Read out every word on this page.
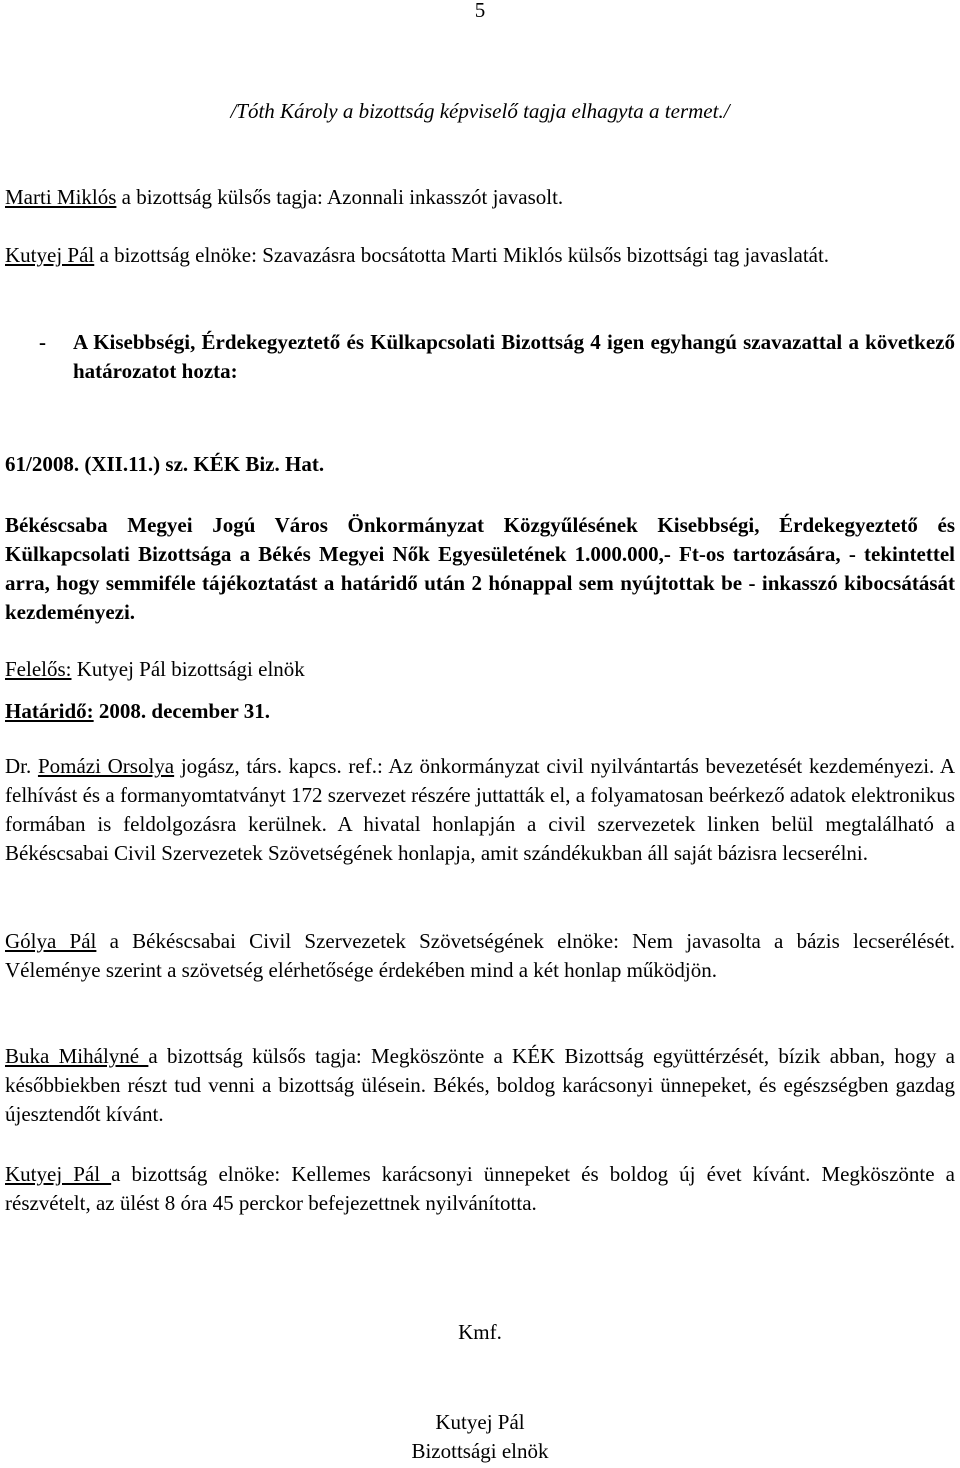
5
/Tóth Károly a bizottság képviselő tagja elhagyta a termet./

Marti Miklós a bizottság külsős tagja: Azonnali inkasszót javasolt.

Kutyej Pál a bizottság elnöke: Szavazásra bocsátotta Marti Miklós külsős bizottsági tag javaslatát.

-	A Kisebbségi, Érdekegyeztető és Külkapcsolati Bizottság 4 igen egyhangú szavazattal a következő határozatot hozta:
61/2008. (XII.11.) sz. KÉK Biz. Hat.

Békéscsaba Megyei Jogú Város Önkormányzat Közgyűlésének Kisebbségi, Érdekegyeztető és Külkapcsolati Bizottsága a Békés Megyei Nők Egyesületének 1.000.000,- Ft-os tartozására, - tekintettel arra, hogy semmiféle tájékoztatást a határidő után 2 hónappal sem nyújtottak be - inkasszó kibocsátását kezdeményezi.

Felelős: Kutyej Pál bizottsági elnök
Határidő: 2008. december 31.

Dr. Pomázi Orsolya jogász, társ. kapcs. ref.: Az önkormányzat civil nyilvántartás bevezetését kezdeményezi. A felhívást és a formanyomtatványt 172 szervezet részére juttatták el, a folyamatosan beérkező adatok elektronikus formában is feldolgozásra kerülnek. A hivatal honlapján a civil szervezetek linken belül megtalálható a Békéscsabai Civil Szervezetek Szövetségének honlapja, amit szándékukban áll saját bázisra lecserélni.

Gólya Pál a Békéscsabai Civil Szervezetek Szövetségének elnöke: Nem javasolta a bázis lecserélését. Véleménye szerint a szövetség elérhetősége érdekében mind a két honlap működjön.

Buka Mihályné a bizottság külsős tagja: Megköszönte a KÉK Bizottság együttérzését, bízik abban, hogy a későbbiekben részt tud venni a bizottság ülésein. Békés, boldog karácsonyi ünnepeket, és egészségben gazdag újesztendőt kívánt.

Kutyej Pál a bizottság elnöke: Kellemes karácsonyi ünnepeket és boldog új évet kívánt. Megköszönte a részvételt, az ülést 8 óra 45 perckor befejezettnek nyilvánította.

Kmf.
Kutyej Pál
Bizottsági elnök
